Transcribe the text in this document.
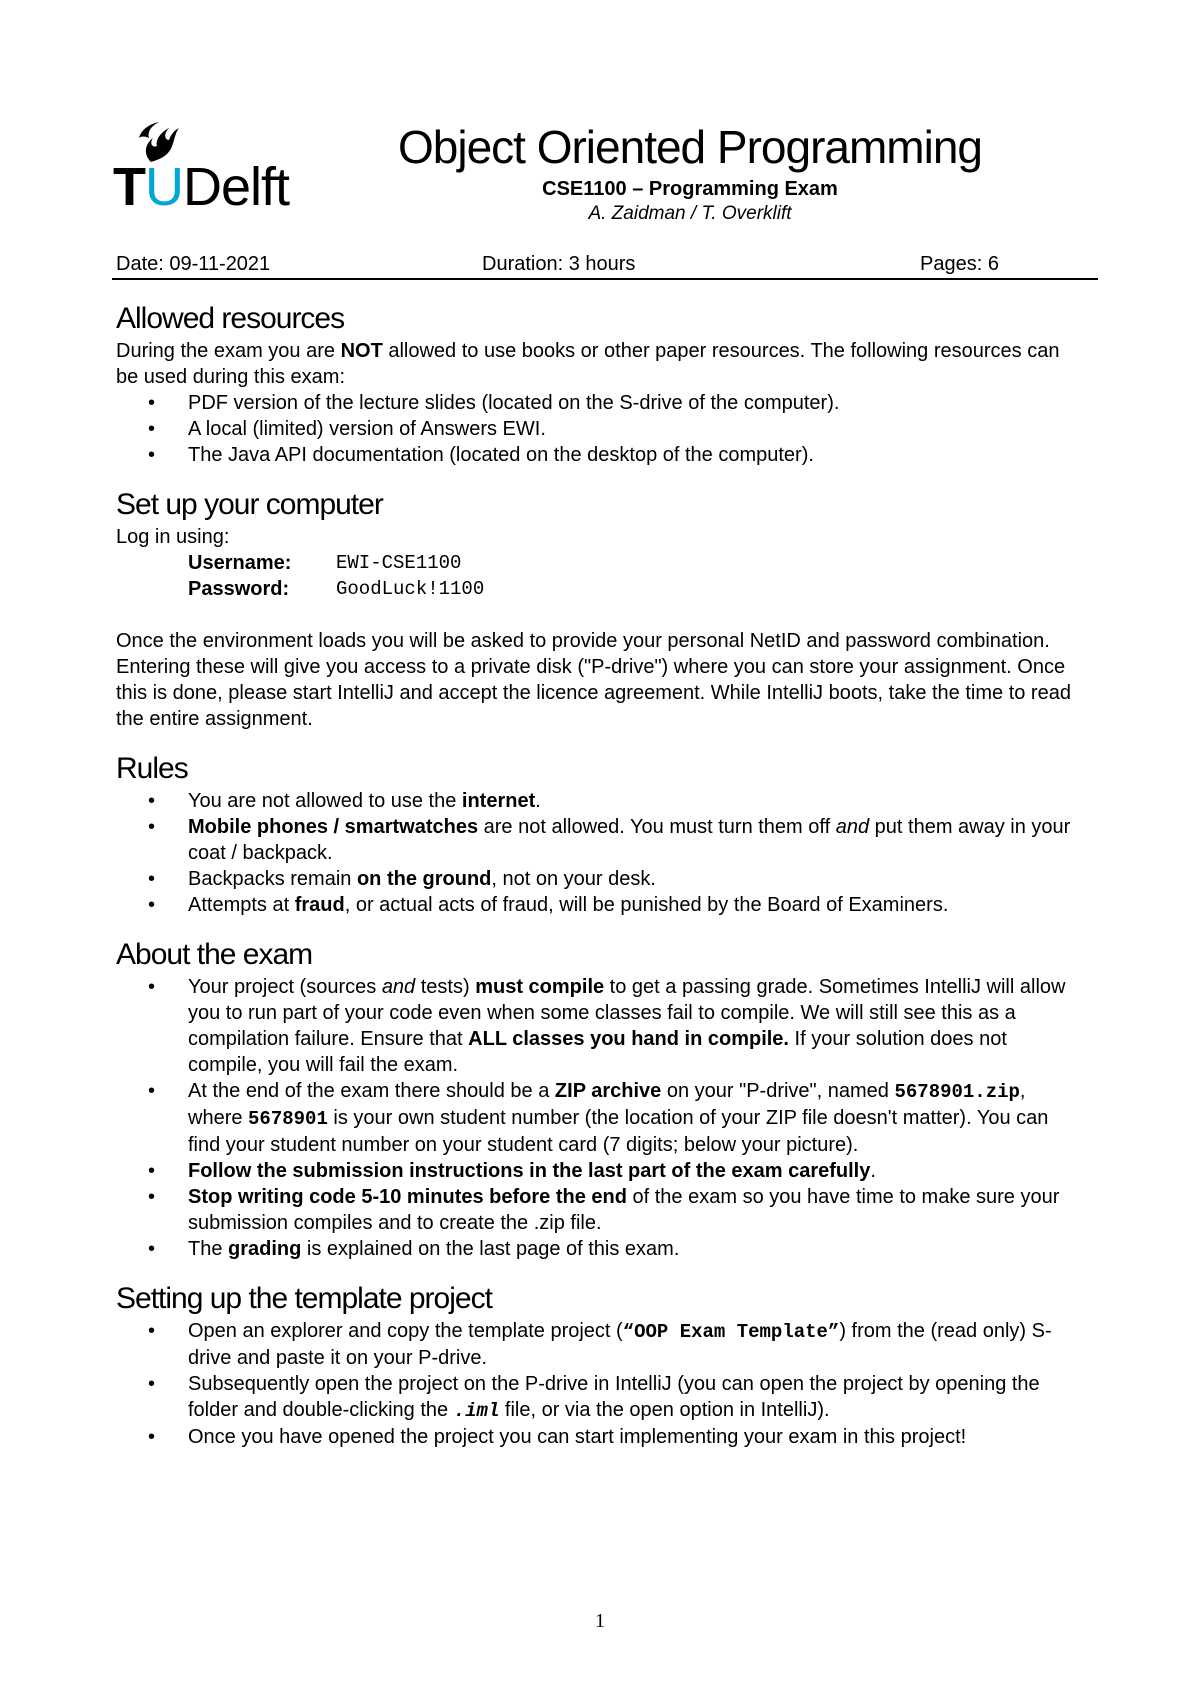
TUDelft
Object Oriented Programming
CSE1100 – Programming Exam
A. Zaidman / T. Overklift
Date: 09-11-2021	Duration: 3 hours	Pages: 6
Allowed resources

During the exam you are NOT allowed to use books or other paper resources. The following resources can be used during this exam:

• PDF version of the lecture slides (located on the S-drive of the computer).
• A local (limited) version of Answers EWI.
• The Java API documentation (located on the desktop of the computer).
Set up your computer

Log in using:

Username: EWI-CSE1100
Password: GoodLuck!1100

Once the environment loads you will be asked to provide your personal NetID and password combination. Entering these will give you access to a private disk ("P-drive") where you can store your assignment. Once this is done, please start IntelliJ and accept the licence agreement. While IntelliJ boots, take the time to read the entire assignment.

Rules
• You are not allowed to use the internet.
• Mobile phones / smartwatches are not allowed. You must turn them off and put them away in your coat / backpack.
• Backpacks remain on the ground, not on your desk.
• Attempts at fraud, or actual acts of fraud, will be punished by the Board of Examiners.
About the exam
• Your project (sources and tests) must compile to get a passing grade. Sometimes IntelliJ will allow you to run part of your code even when some classes fail to compile. We will still see this as a compilation failure. Ensure that ALL classes you hand in compile. If your solution does not compile, you will fail the exam.
• At the end of the exam there should be a ZIP archive on your "P-drive", named 5678901.zip, where 5678901 is your own student number (the location of your ZIP file doesn't matter). You can find your student number on your student card (7 digits; below your picture).
• Follow the submission instructions in the last part of the exam carefully.
• Stop writing code 5-10 minutes before the end of the exam so you have time to make sure your submission compiles and to create the .zip file.
• The grading is explained on the last page of this exam.
Setting up the template project
• Open an explorer and copy the template project (“OOP Exam Template”) from the (read only) S-drive and paste it on your P-drive.
• Subsequently open the project on the P-drive in IntelliJ (you can open the project by opening the folder and double-clicking the .iml file, or via the open option in IntelliJ).
• Once you have opened the project you can start implementing your exam in this project!
1
